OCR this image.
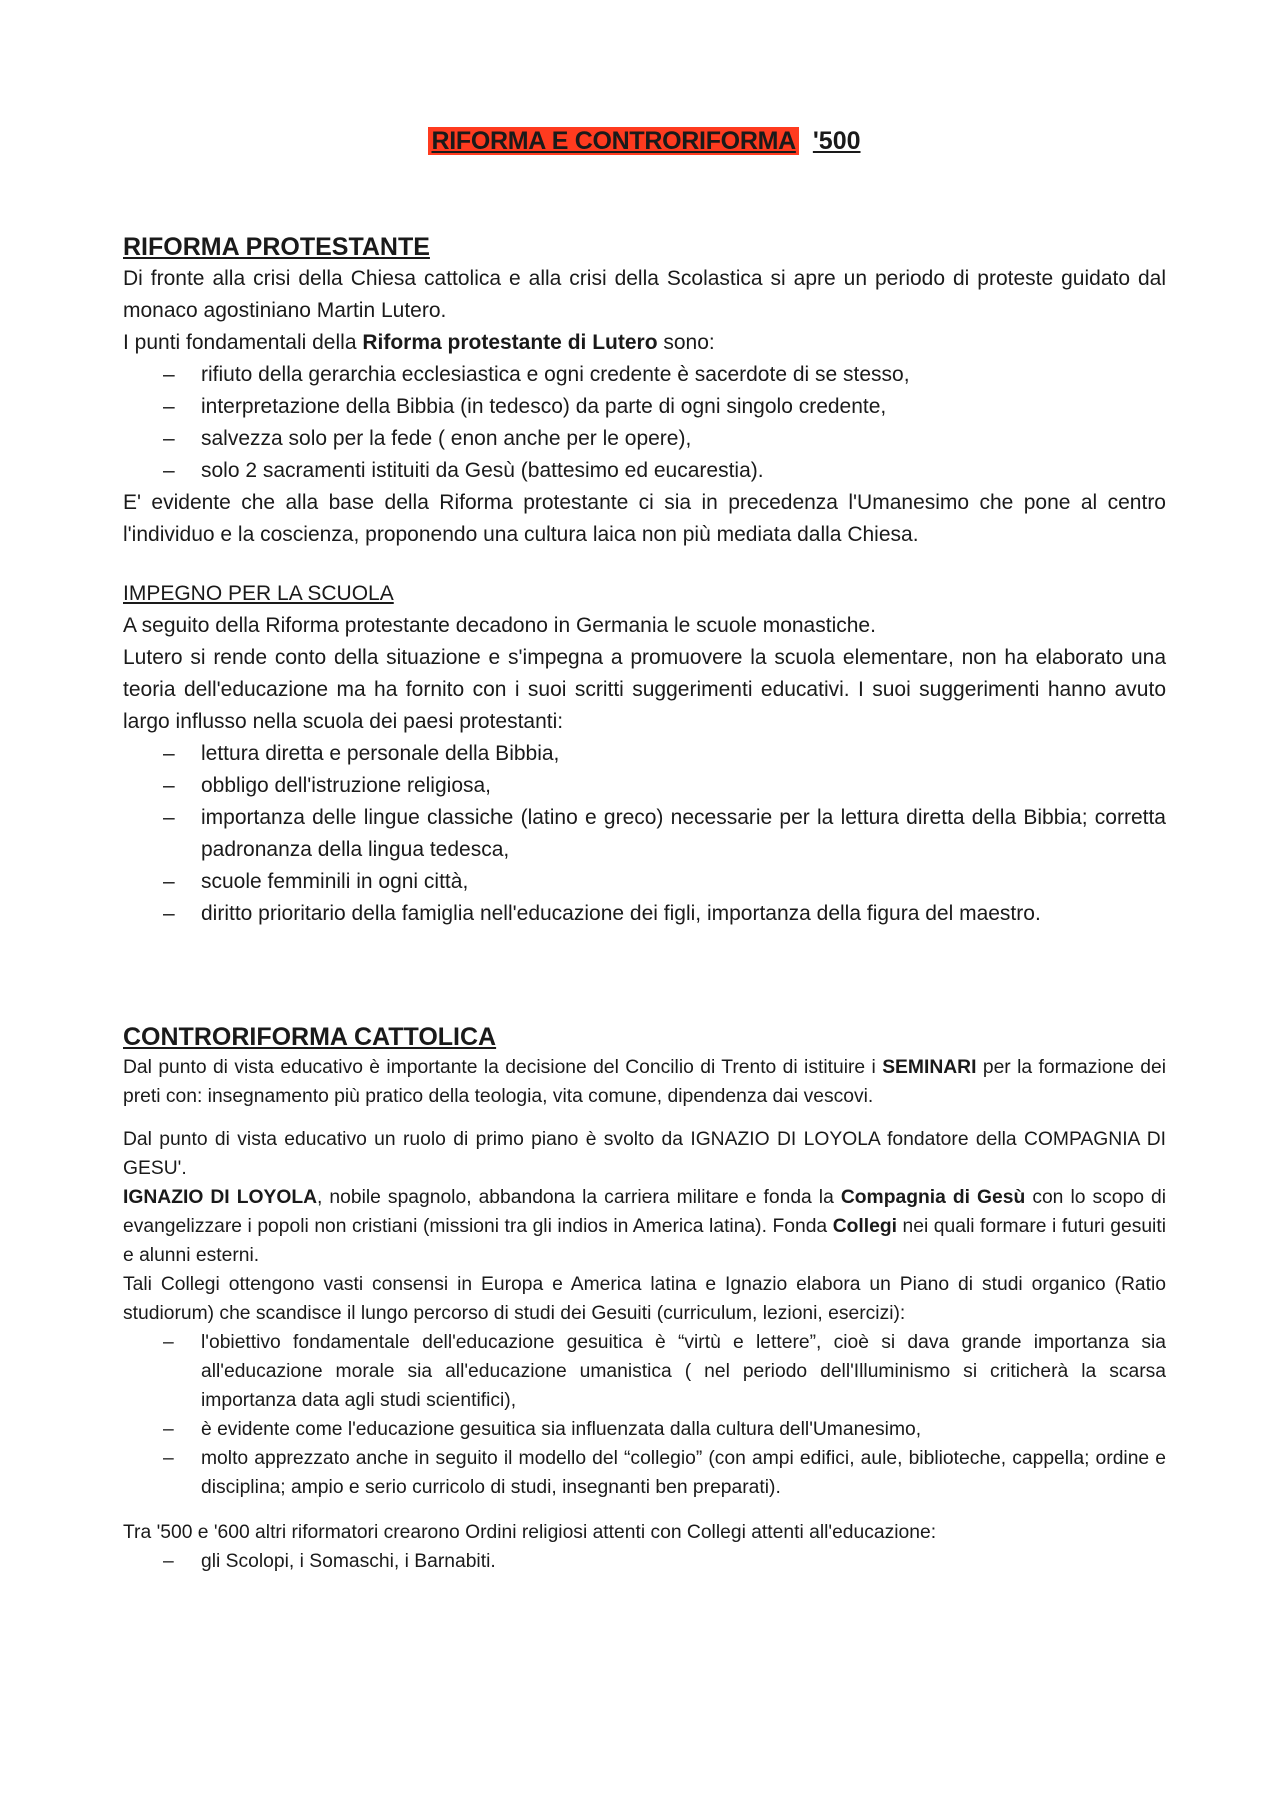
RIFORMA E CONTRORIFORMA '500
RIFORMA PROTESTANTE

Di fronte alla crisi della Chiesa cattolica e alla crisi della Scolastica si apre un periodo di proteste guidato dal monaco agostiniano Martin Lutero.

I punti fondamentali della Riforma protestante di Lutero sono:

– rifiuto della gerarchia ecclesiastica e ogni credente è sacerdote di se stesso,
– interpretazione della Bibbia (in tedesco) da parte di ogni singolo credente,
– salvezza solo per la fede ( enon anche per le opere),
– solo 2 sacramenti istituiti da Gesù (battesimo ed eucarestia).

E' evidente che alla base della Riforma protestante ci sia in precedenza l'Umanesimo che pone al centro l'individuo e la coscienza, proponendo una cultura laica non più mediata dalla Chiesa.

IMPEGNO PER LA SCUOLA

A seguito della Riforma protestante decadono in Germania le scuole monastiche.

Lutero si rende conto della situazione e s'impegna a promuovere la scuola elementare, non ha elaborato una teoria dell'educazione ma ha fornito con i suoi scritti suggerimenti educativi. I suoi suggerimenti hanno avuto largo influsso nella scuola dei paesi protestanti:

– lettura diretta e personale della Bibbia,
– obbligo dell'istruzione religiosa,
– importanza delle lingue classiche (latino e greco) necessarie per la lettura diretta della Bibbia; corretta padronanza della lingua tedesca,
– scuole femminili in ogni città,
– diritto prioritario della famiglia nell'educazione dei figli, importanza della figura del maestro.
CONTRORIFORMA CATTOLICA

Dal punto di vista educativo è importante la decisione del Concilio di Trento di istituire i SEMINARI per la formazione dei preti con: insegnamento più pratico della teologia, vita comune, dipendenza dai vescovi.

Dal punto di vista educativo un ruolo di primo piano è svolto da IGNAZIO DI LOYOLA fondatore della COMPAGNIA DI GESU'.

IGNAZIO DI LOYOLA, nobile spagnolo, abbandona la carriera militare e fonda la Compagnia di Gesù con lo scopo di evangelizzare i popoli non cristiani (missioni tra gli indios in America latina). Fonda Collegi nei quali formare i futuri gesuiti e alunni esterni.

Tali Collegi ottengono vasti consensi in Europa e America latina e Ignazio elabora un Piano di studi organico (Ratio studiorum) che scandisce il lungo percorso di studi dei Gesuiti (curriculum, lezioni, esercizi):

– l'obiettivo fondamentale dell'educazione gesuitica è “virtù e lettere”, cioè si dava grande importanza sia all'educazione morale sia all'educazione umanistica ( nel periodo dell'Illuminismo si criticherà la scarsa importanza data agli studi scientifici),
– è evidente come l'educazione gesuitica sia influenzata dalla cultura dell'Umanesimo,
– molto apprezzato anche in seguito il modello del “collegio” (con ampi edifici, aule, biblioteche, cappella; ordine e disciplina; ampio e serio curricolo di studi, insegnanti ben preparati).

Tra '500 e '600 altri riformatori crearono Ordini religiosi attenti con Collegi attenti all'educazione:

– gli Scolopi, i Somaschi, i Barnabiti.
